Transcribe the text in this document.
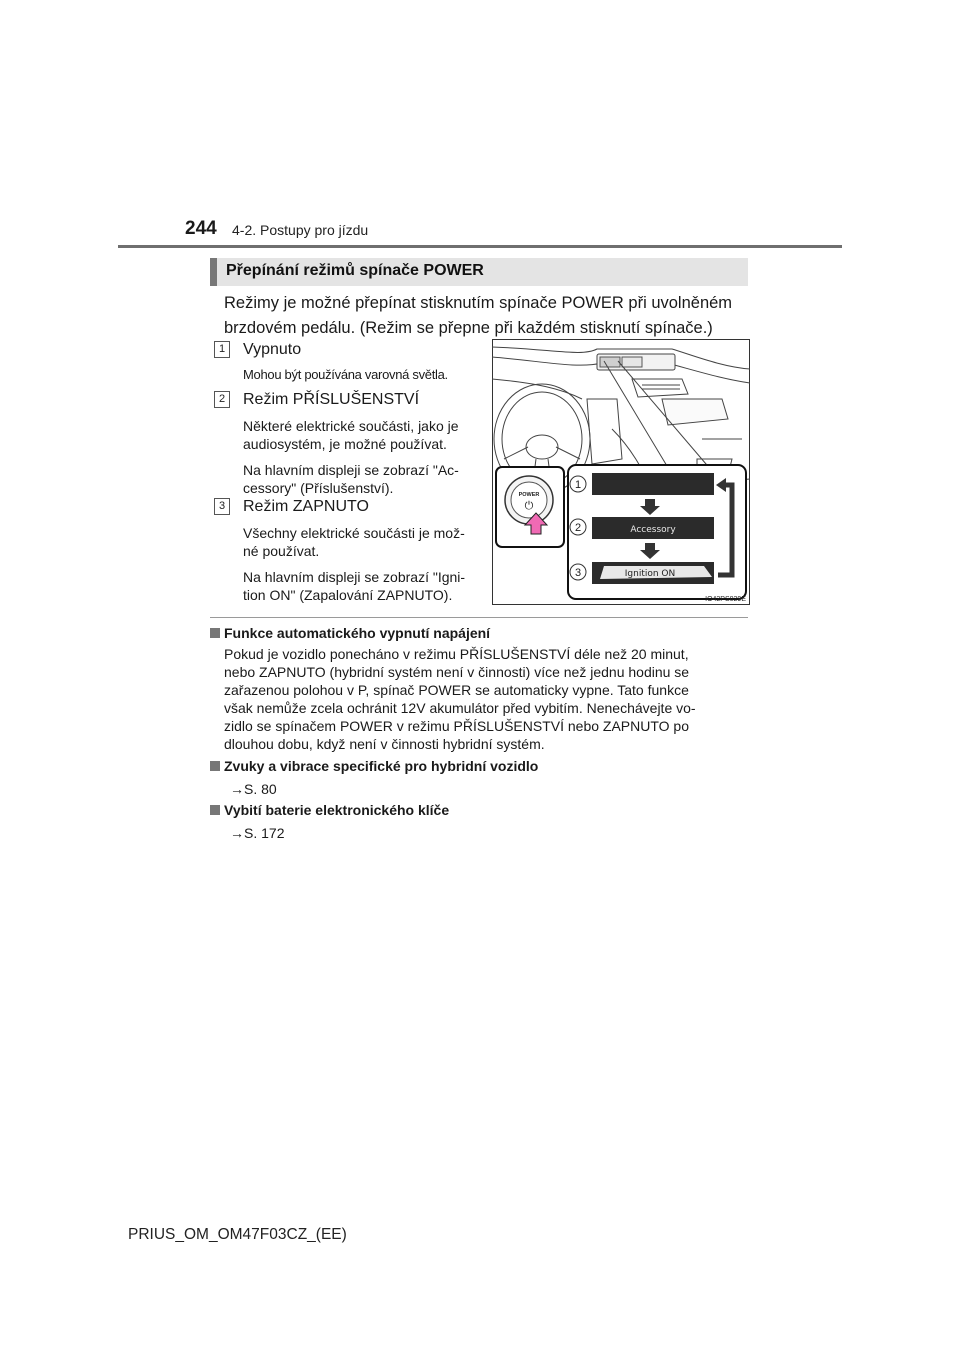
244 4-2. Postupy pro jízdu
Přepínání režimů spínače POWER
Režimy je možné přepínat stisknutím spínače POWER při uvolněném
brzdovém pedálu. (Režim se přepne při každém stisknutí spínače.)
1	Vypnuto
Mohou být používána varovná světla.
2	Režim PŘÍSLUŠENSTVÍ
Některé elektrické součásti, jako je
audiosystém, je možné používat.
Na hlavním displeji se zobrazí "Ac-
cessory" (Příslušenství).
3	Režim ZAPNUTO
Všechny elektrické součásti je mož-
né používat.
Na hlavním displeji se zobrazí "Igni-
tion ON" (Zapalování ZAPNUTO).
POWER
⏻
1
2	Accessory
3	Ignition ON
IO42PS029E
Funkce automatického vypnutí napájení
Pokud je vozidlo ponecháno v režimu PŘÍSLUŠENSTVÍ déle než 20 minut,
nebo ZAPNUTO (hybridní systém není v činnosti) více než jednu hodinu se
zařazenou polohou v P, spínač POWER se automaticky vypne. Tato funkce
však nemůže zcela ochránit 12V akumulátor před vybitím. Nenechávejte vo-
zidlo se spínačem POWER v režimu PŘÍSLUŠENSTVÍ nebo ZAPNUTO po
dlouhou dobu, když není v činnosti hybridní systém.
Zvuky a vibrace specifické pro hybridní vozidlo
→S. 80
Vybití baterie elektronického klíče
→S. 172
PRIUS_OM_OM47F03CZ_(EE)
